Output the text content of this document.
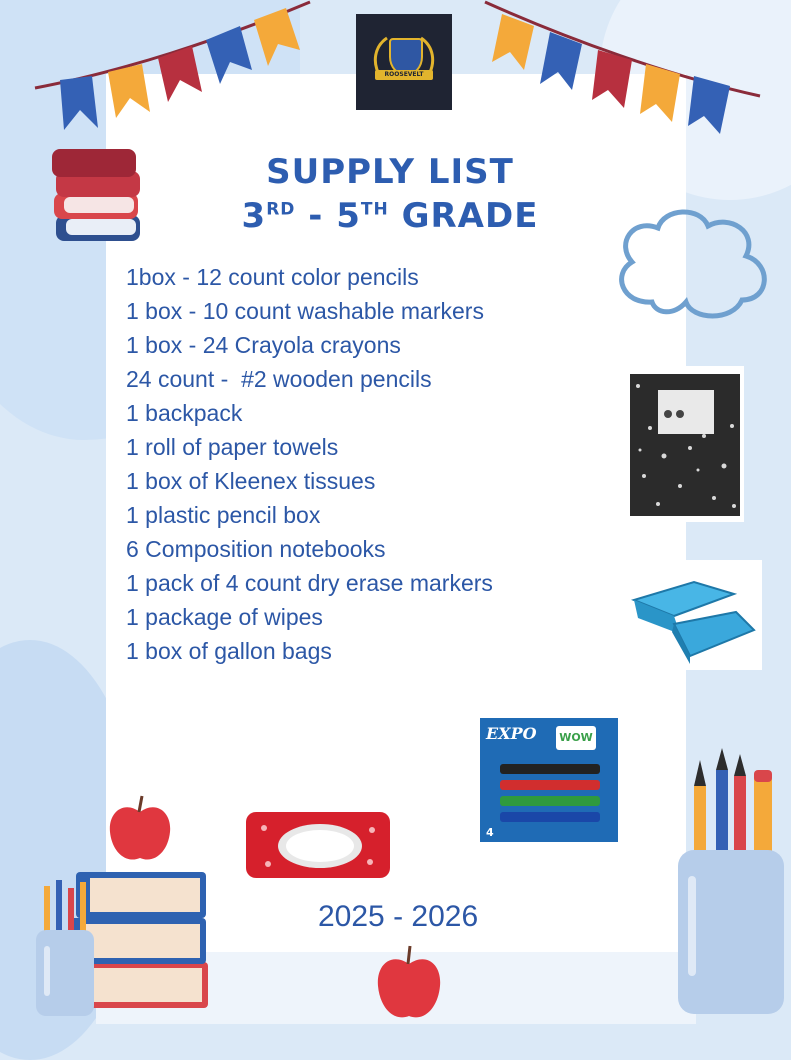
ROOSEVELT
SUPPLY LIST
3RD - 5TH GRADE
1box - 12 count color pencils
1 box - 10 count washable markers
1 box - 24 Crayola crayons
24 count -  #2 wooden pencils
1 backpack
1 roll of paper towels
1 box of Kleenex tissues
1 plastic pencil box
6 Composition notebooks
1 pack of 4 count dry erase markers
1 package of wipes
1 box of gallon bags
EXPO WOW
4
2025 - 2026
